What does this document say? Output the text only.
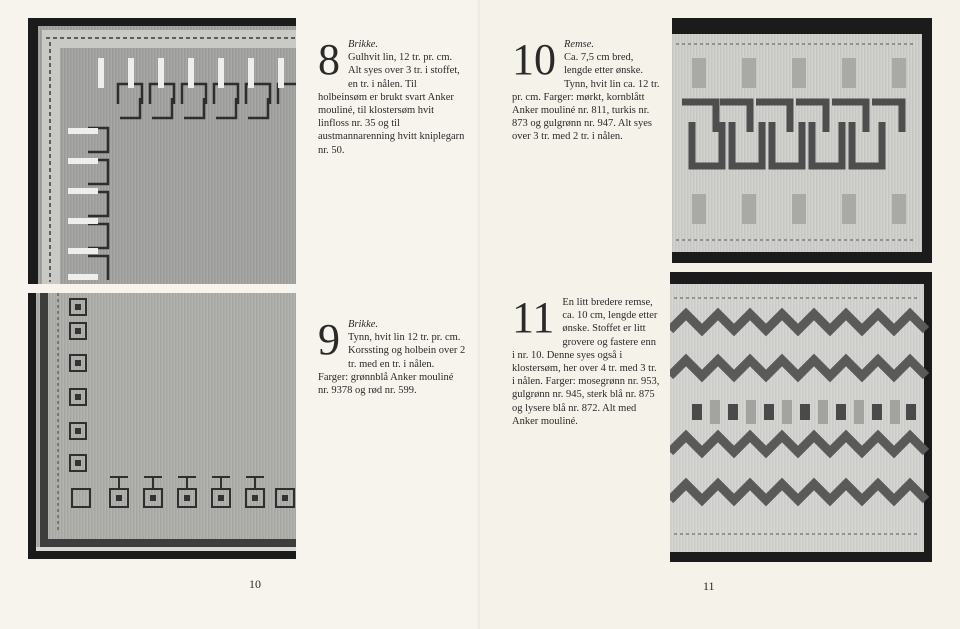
8 Brikke.
Gulhvit lin, 12 tr. pr. cm. Alt syes over 3 tr. i stoffet, en tr. i nålen. Til holbeinsøm er brukt svart Anker mouliné, til klostersøm hvit linfloss nr. 35 og til austmannarenning hvitt kniplegarn nr. 50.
9 Brikke.
Tynn, hvit lin 12 tr. pr. cm. Korssting og holbein over 2 tr. med en tr. i nålen. Farger: grønnblå Anker mouliné nr. 9378 og rød nr. 599.
10
10 Remse.
Ca. 7,5 cm bred, lengde etter ønske. Tynn, hvit lin ca. 12 tr. pr. cm. Farger: mørkt, kornblått Anker mouliné nr. 811, turkis nr. 873 og gulgrønn nr. 947. Alt syes over 3 tr. med 2 tr. i nålen.
11 En litt bredere remse, ca. 10 cm, lengde etter ønske. Stoffet er litt grovere og fastere enn i nr. 10. Denne syes også i klostersøm, her over 4 tr. med 3 tr. i nålen. Farger: mosegrønn nr. 953, gulgrønn nr. 945, sterk blå nr. 875 og lysere blå nr. 872. Alt med Anker mouliné.
11
